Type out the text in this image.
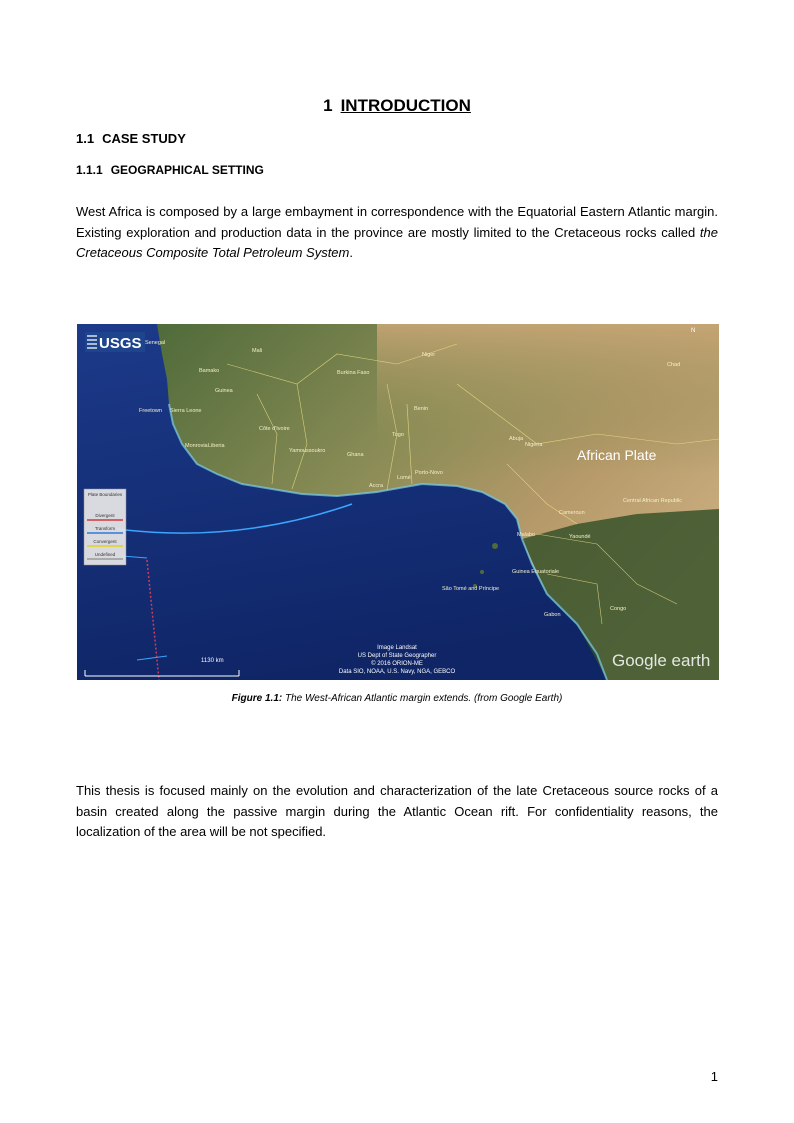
1 INTRODUCTION
1.1 CASE STUDY
1.1.1 GEOGRAPHICAL SETTING
West Africa is composed by a large embayment in correspondence with the Equatorial Eastern Atlantic margin. Existing exploration and production data in the province are mostly limited to the Cretaceous rocks called the Cretaceous Composite Total Petroleum System.
USGS
African Plate
Mali
Niger
Burkina Faso
Guinea
Freetown Sierra Leone
Monrovia Liberia
Côte d'Ivoire
Yamoussoukro
Ghana
Accra
Lomé
Porto-Novo
Benin
Togo
Nigeria
Abuja
Cameroun
Yaoundé
Malabo
Guinea Equatoriale
São Tomé and Príncipe
Gabon
Congo
Senegal
Bamako
Chad
Central African Republic
Plate Boundaries
Divergent
Transform
Convergent
Undefined
1130 km
Image Landsat
US Dept of State Geographer
© 2016 ORION-ME
Data SIO, NOAA, U.S. Navy, NGA, GEBCO
Google earth
N
Figure 1.1: The West-African Atlantic margin extends. (from Google Earth)
This thesis is focused mainly on the evolution and characterization of the late Cretaceous source rocks of a basin created along the passive margin during the Atlantic Ocean rift. For confidentiality reasons, the localization of the area will be not specified.
1
